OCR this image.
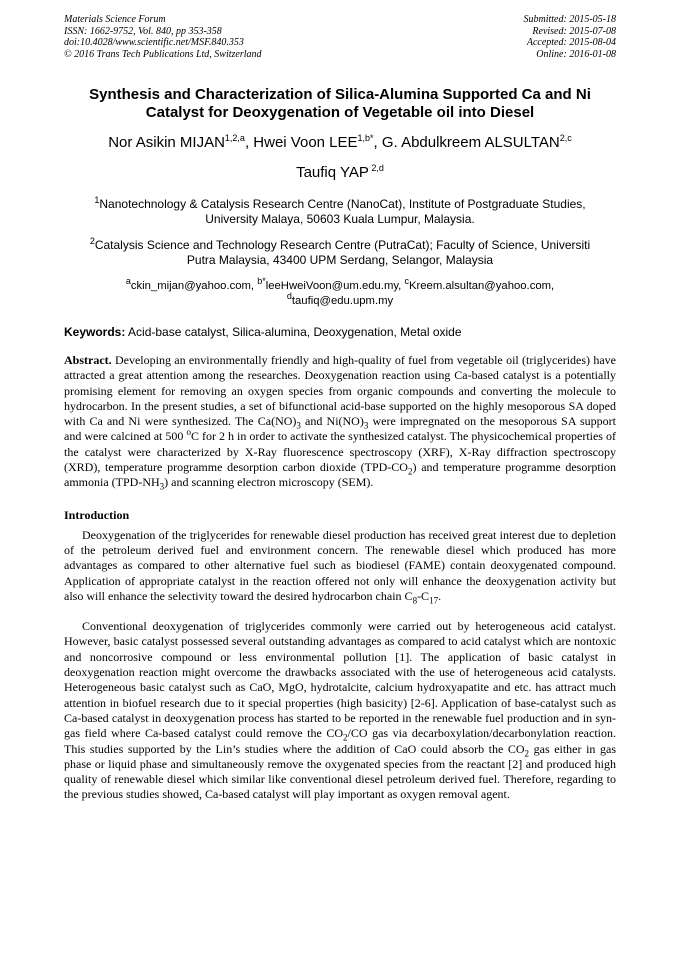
Materials Science Forum
ISSN: 1662-9752, Vol. 840, pp 353-358
doi:10.4028/www.scientific.net/MSF.840.353
© 2016 Trans Tech Publications Ltd, Switzerland
Submitted: 2015-05-18
Revised: 2015-07-08
Accepted: 2015-08-04
Online: 2016-01-08
Synthesis and Characterization of Silica-Alumina Supported Ca and Ni
Catalyst for Deoxygenation of Vegetable oil into Diesel
Nor Asikin MIJAN$^{1,2,a}$, Hwei Voon $LEE^{1,b*}$, G. Abdulkreem ALSULTAN$^{2,c}$
Taufiq YAP $^{2,d}$
$^1$Nanotechnology & Catalysis Research Centre (NanoCat), Institute of Postgraduate Studies,
University Malaya, 50603 Kuala Lumpur, Malaysia.
$^2$Catalysis Science and Technology Research Centre (PutraCat); Faculty of Science, Universiti
Putra Malaysia, 43400 UPM Serdang, Selangor, Malaysia
$^a$ckin_mijan@yahoo.com, $^{b*}$leeHweiVoon@um.edu.my, $^c$Kreem.alsultan@yahoo.com,
$^d$taufiq@edu.upm.my
Keywords: Acid-base catalyst, Silica-alumina, Deoxygenation, Metal oxide
Abstract. Developing an environmentally friendly and high-quality of fuel from vegetable oil (triglycerides) have attracted a great attention among the researches. Deoxygenation reaction using Ca-based catalyst is a potentially promising element for removing an oxygen species from organic compounds and converting the molecule to hydrocarbon. In the present studies, a set of bifunctional acid-base supported on the highly mesoporous SA doped with Ca and Ni were synthesized. The $Ca(NO)_3$ and $Ni(NO)_3$ were impregnated on the mesoporous SA support and were calcined at 500 $^o$C for 2 h in order to activate the synthesized catalyst. The physicochemical properties of the catalyst were characterized by X-Ray fluorescence spectroscopy (XRF), X-Ray diffraction spectroscopy (XRD), temperature programme desorption carbon dioxide $(TPD-CO_2)$ and temperature programme desorption ammonia $(TPD-NH_3)$ and scanning electron microscopy (SEM).
Introduction
Deoxygenation of the triglycerides for renewable diesel production has received great interest due to depletion of the petroleum derived fuel and environment concern. The renewable diesel which produced has more advantages as compared to other alternative fuel such as biodiesel (FAME) contain deoxygenated compound. Application of appropriate catalyst in the reaction offered not only will enhance the deoxygenation activity but also will enhance the selectivity toward the desired hydrocarbon chain $C_8-C_{17}$.
Conventional deoxygenation of triglycerides commonly were carried out by heterogeneous acid catalyst. However, basic catalyst possessed several outstanding advantages as compared to acid catalyst which are nontoxic and noncorrosive compound or less environmental pollution [1]. The application of basic catalyst in deoxygenation reaction might overcome the drawbacks associated with the use of heterogeneous acid catalysts. Heterogeneous basic catalyst such as CaO, MgO, hydrotalcite, calcium hydroxyapatite and etc. has attract much attention in biofuel research due to it special properties (high basicity) [2-6]. Application of base-catalyst such as Ca-based catalyst in deoxygenation process has started to be reported in the renewable fuel production and in syn-gas field where Ca-based catalyst could remove the $CO_2/CO$ gas via decarboxylation/decarbonylation reaction. This studies supported by the Lin’s studies where the addition of CaO could absorb the $CO_2$ gas either in gas phase or liquid phase and simultaneously remove the oxygenated species from the reactant [2] and produced high quality of renewable diesel which similar like conventional diesel petroleum derived fuel. Therefore, regarding to the previous studies showed, Ca-based catalyst will play important as oxygen removal agent.
